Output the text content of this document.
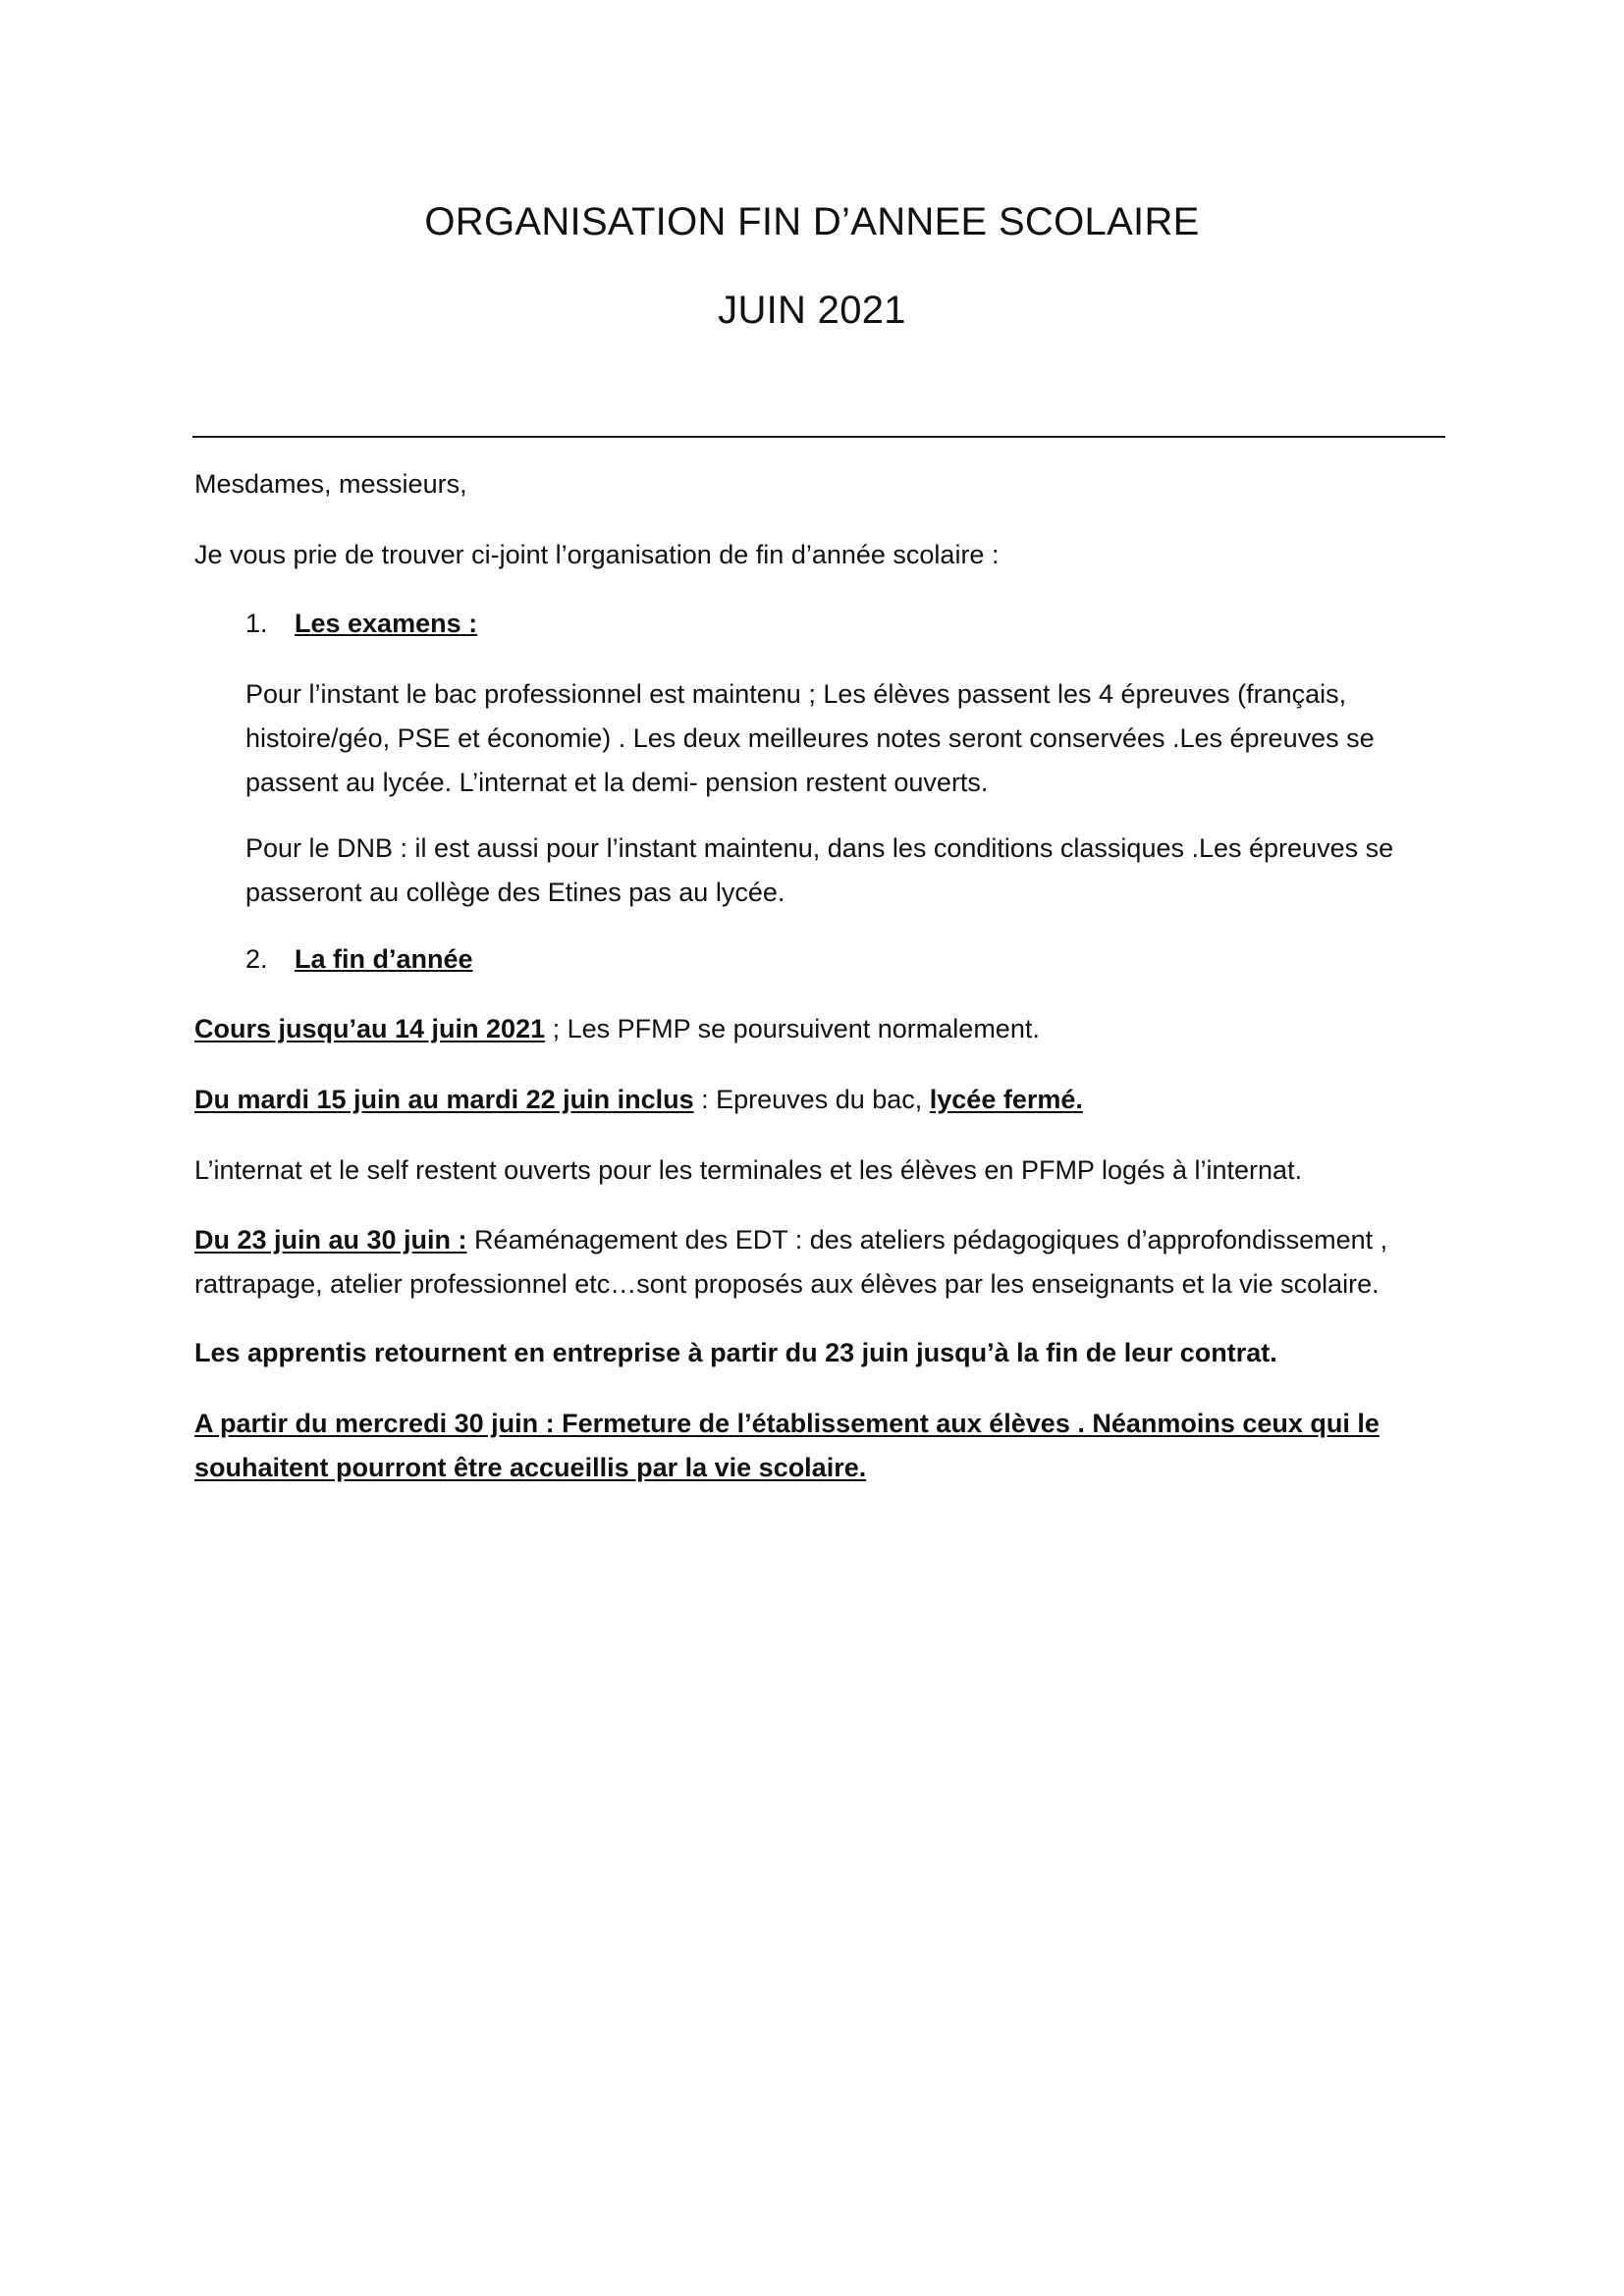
ORGANISATION FIN D’ANNEE SCOLAIRE
JUIN 2021
Mesdames, messieurs,
Je vous prie de trouver ci-joint l’organisation de fin d’année scolaire :
1. Les examens :
Pour l’instant le bac professionnel est maintenu ; Les élèves passent les 4 épreuves (français,
histoire/géo, PSE et économie) . Les deux meilleures notes seront conservées .Les épreuves se
passent au lycée. L’internat et la demi- pension restent ouverts.
Pour le DNB : il est aussi pour l’instant maintenu, dans les conditions classiques .Les épreuves se
passeront au collège des Etines pas au lycée.
2. La fin d’année
Cours jusqu’au 14 juin 2021 ; Les PFMP se poursuivent normalement.
Du mardi 15 juin au mardi 22 juin inclus : Epreuves du bac, lycée fermé.
L’internat et le self restent ouverts pour les terminales et les élèves en PFMP logés à l’internat.
Du 23 juin au 30 juin : Réaménagement des EDT : des ateliers pédagogiques d’approfondissement ,
rattrapage, atelier professionnel etc…sont proposés aux élèves par les enseignants et la vie scolaire.
Les apprentis retournent en entreprise à partir du 23 juin jusqu’à la fin de leur contrat.
A partir du mercredi 30 juin : Fermeture de l’établissement aux élèves . Néanmoins ceux qui le
souhaitent pourront être accueillis par la vie scolaire.
